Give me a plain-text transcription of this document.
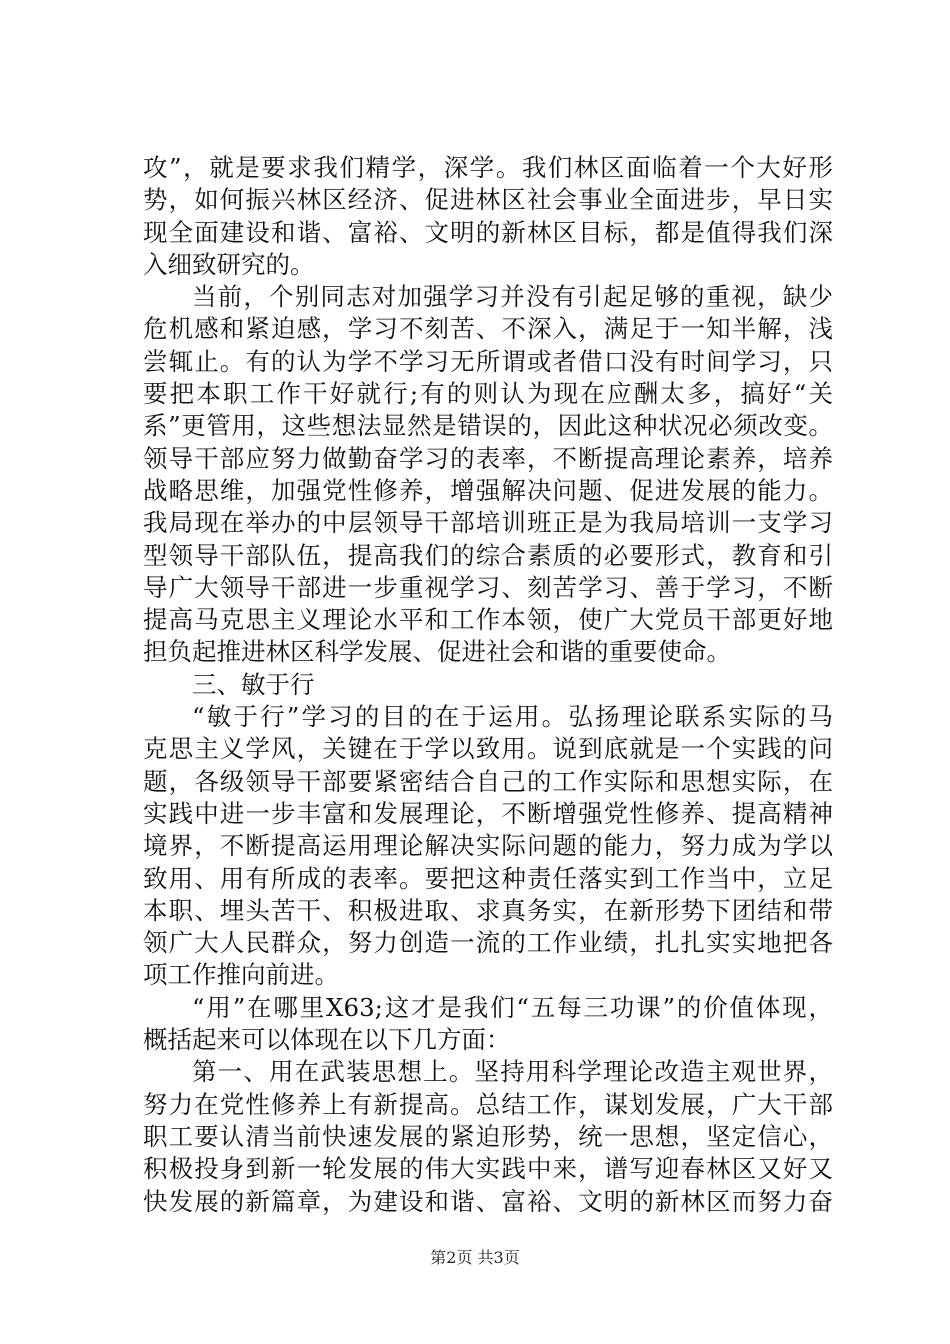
攻”，就是要求我们精学，深学。我们林区面临着一个大好形
势，如何振兴林区经济、促进林区社会事业全面进步，早日实
现全面建设和谐、富裕、文明的新林区目标，都是值得我们深
入细致研究的。
当前，个别同志对加强学习并没有引起足够的重视，缺少
危机感和紧迫感，学习不刻苦、不深入，满足于一知半解，浅
尝辄止。有的认为学不学习无所谓或者借口没有时间学习，只
要把本职工作干好就行;有的则认为现在应酬太多，搞好“关
系”更管用，这些想法显然是错误的，因此这种状况必须改变。
领导干部应努力做勤奋学习的表率，不断提高理论素养，培养
战略思维，加强党性修养，增强解决问题、促进发展的能力。
我局现在举办的中层领导干部培训班正是为我局培训一支学习
型领导干部队伍，提高我们的综合素质的必要形式，教育和引
导广大领导干部进一步重视学习、刻苦学习、善于学习，不断
提高马克思主义理论水平和工作本领，使广大党员干部更好地
担负起推进林区科学发展、促进社会和谐的重要使命。
三、敏于行
“敏于行”学习的目的在于运用。弘扬理论联系实际的马
克思主义学风，关键在于学以致用。说到底就是一个实践的问
题，各级领导干部要紧密结合自己的工作实际和思想实际，在
实践中进一步丰富和发展理论，不断增强党性修养、提高精神
境界，不断提高运用理论解决实际问题的能力，努力成为学以
致用、用有所成的表率。要把这种责任落实到工作当中，立足
本职、埋头苦干、积极进取、求真务实，在新形势下团结和带
领广大人民群众，努力创造一流的工作业绩，扎扎实实地把各
项工作推向前进。
“用”在哪里X63;这才是我们“五每三功课”的价值体现，
概括起来可以体现在以下几方面：
第一、用在武装思想上。坚持用科学理论改造主观世界，
努力在党性修养上有新提高。总结工作，谋划发展，广大干部
职工要认清当前快速发展的紧迫形势，统一思想，坚定信心，
积极投身到新一轮发展的伟大实践中来，谱写迎春林区又好又
快发展的新篇章，为建设和谐、富裕、文明的新林区而努力奋
第2页 共3页
